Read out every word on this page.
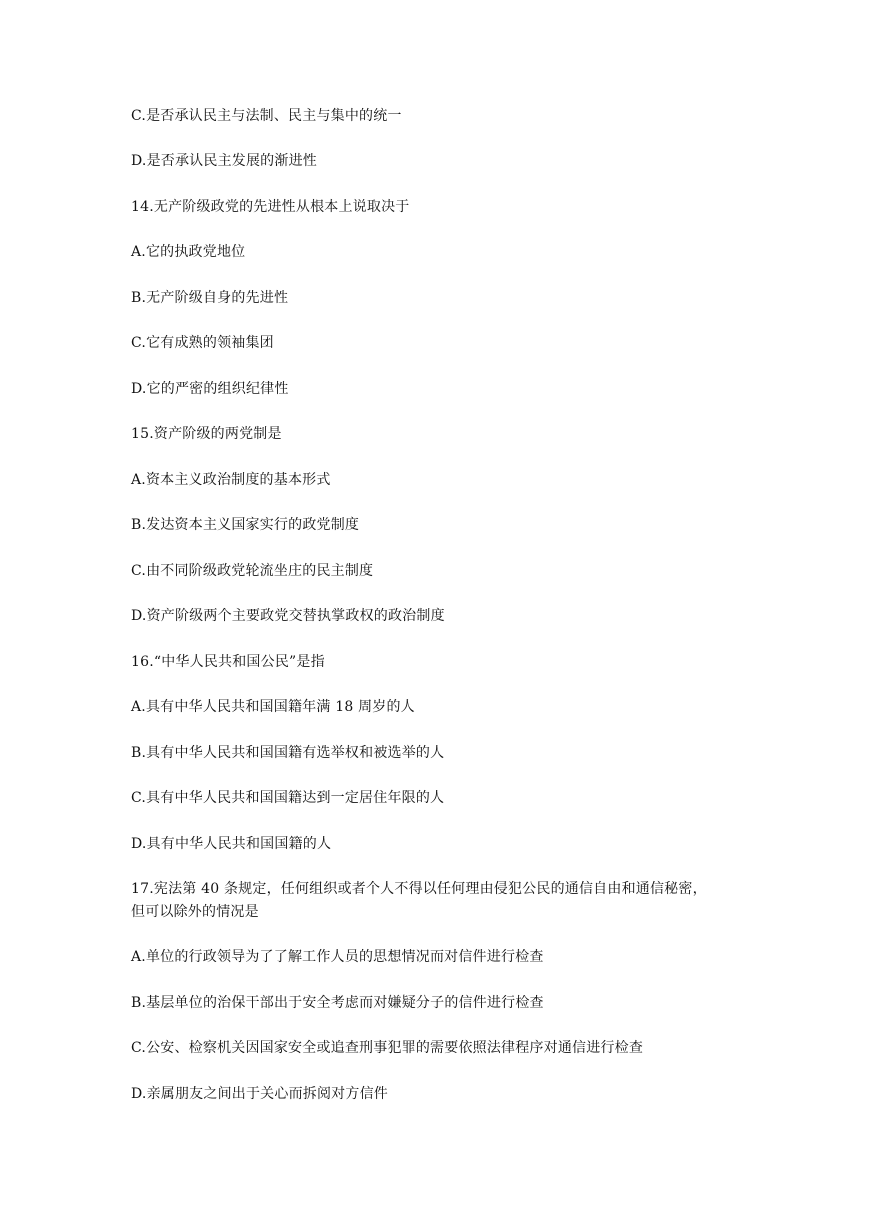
C.是否承认民主与法制、民主与集中的统一
D.是否承认民主发展的渐进性
14.无产阶级政党的先进性从根本上说取决于
A.它的执政党地位
B.无产阶级自身的先进性
C.它有成熟的领袖集团
D.它的严密的组织纪律性
15.资产阶级的两党制是
A.资本主义政治制度的基本形式
B.发达资本主义国家实行的政党制度
C.由不同阶级政党轮流坐庄的民主制度
D.资产阶级两个主要政党交替执掌政权的政治制度
16.“中华人民共和国公民”是指
A.具有中华人民共和国国籍年满 18 周岁的人
B.具有中华人民共和国国籍有选举权和被选举的人
C.具有中华人民共和国国籍达到一定居住年限的人
D.具有中华人民共和国国籍的人
17.宪法第 40 条规定，任何组织或者个人不得以任何理由侵犯公民的通信自由和通信秘密，
但可以除外的情况是
A.单位的行政领导为了了解工作人员的思想情况而对信件进行检查
B.基层单位的治保干部出于安全考虑而对嫌疑分子的信件进行检查
C.公安、检察机关因国家安全或追查刑事犯罪的需要依照法律程序对通信进行检查
D.亲属朋友之间出于关心而拆阅对方信件
